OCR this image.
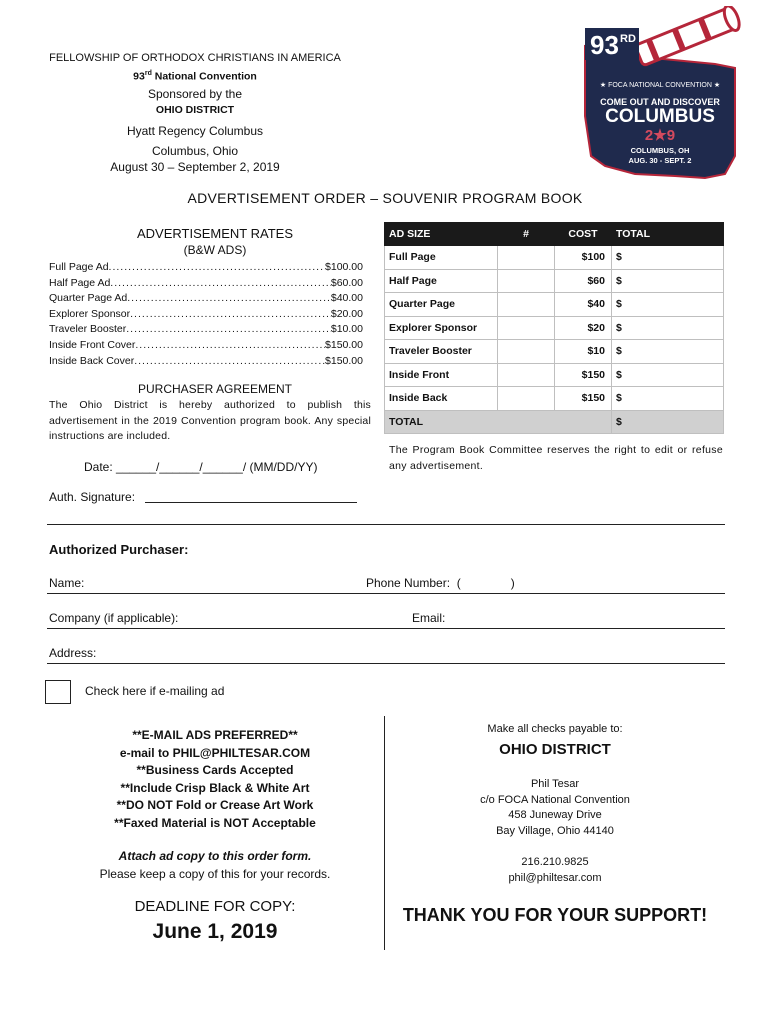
FELLOWSHIP OF ORTHODOX CHRISTIANS IN AMERICA
93rd National Convention
Sponsored by the
OHIO DISTRICT
Hyatt Regency Columbus
Columbus, Ohio
August 30 – September 2, 2019
93 RD
★ FOCA NATIONAL CONVENTION ★
COME OUT AND DISCOVER
COLUMBUS
2★9
COLUMBUS, OH
AUG. 30 - SEPT. 2
ADVERTISEMENT ORDER – SOUVENIR PROGRAM BOOK
ADVERTISEMENT RATES
(B&W ADS)
Full Page Ad .....	$100.00
Half Page Ad .....	$60.00
Quarter Page Ad .....	$40.00
Explorer Sponsor .....	$20.00
Traveler Booster .....	$10.00
Inside Front Cover .....	$150.00
Inside Back Cover .....	$150.00
PURCHASER AGREEMENT
The Ohio District is hereby authorized to publish this advertisement in the 2019 Convention program book. Any special instructions are included.
Date: ______/______/______/ (MM/DD/YY)
Auth. Signature:
AD SIZE	#	COST	TOTAL
Full Page		$100	$
Half Page		$60	$
Quarter Page		$40	$
Explorer Sponsor		$20	$
Traveler Booster		$10	$
Inside Front		$150	$
Inside Back		$150	$
TOTAL			$
The Program Book Committee reserves the right to edit or refuse any advertisement.
Authorized Purchaser:
Name:	Phone Number:  (               )
Company (if applicable):	Email:
Address:
Check here if e-mailing ad
**E-MAIL ADS PREFERRED**
e-mail to PHIL@PHILTESAR.COM
**Business Cards Accepted
**Include Crisp Black & White Art
**DO NOT Fold or Crease Art Work
**Faxed Material is NOT Acceptable
Attach ad copy to this order form.
Please keep a copy of this for your records.
DEADLINE FOR COPY:
June 1, 2019
Make all checks payable to:
OHIO DISTRICT
Phil Tesar
c/o FOCA National Convention
458 Juneway Drive
Bay Village, Ohio 44140
216.210.9825
phil@philtesar.com
THANK YOU FOR YOUR SUPPORT!
